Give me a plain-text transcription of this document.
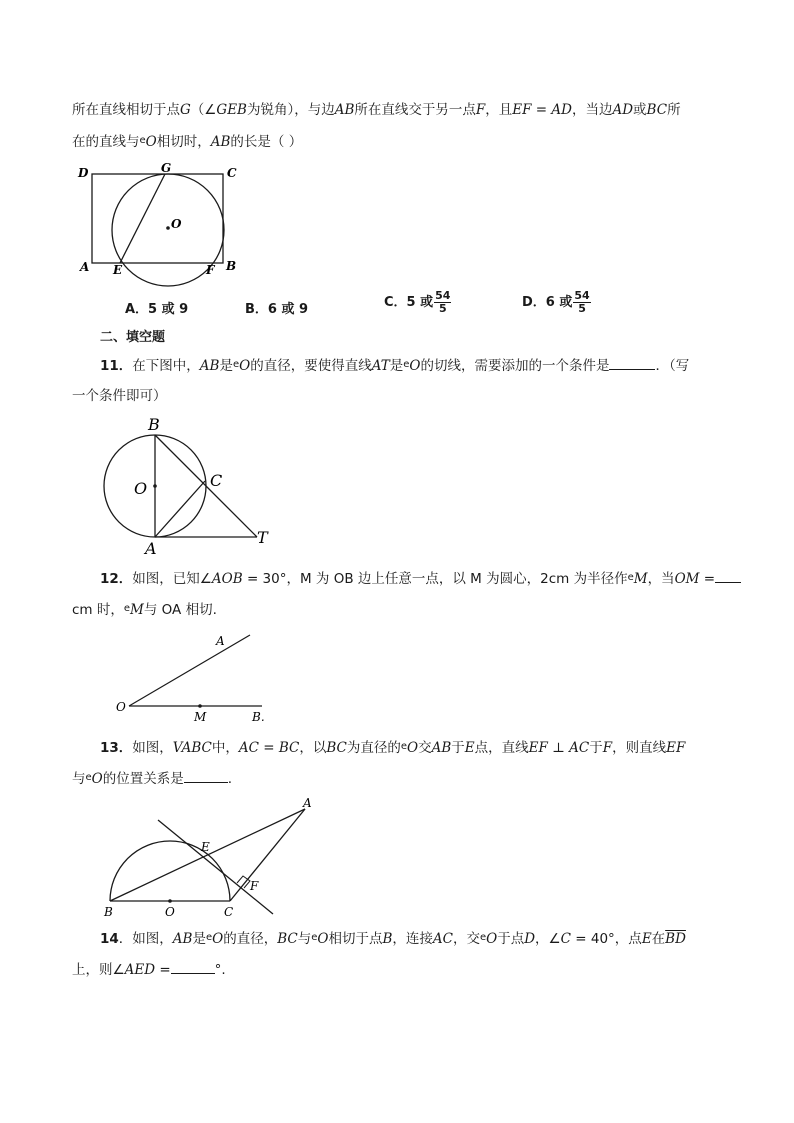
所在直线相切于点G（∠GEB为锐角），与边AB所在直线交于另一点F，且EF = AD，当边AD或BC所
在的直线与$^e$O相切时，AB的长是（ ）
D	G	C
O
A E	F B
A．5 或 9	B．6 或 9	C．5 或 $\frac{54}{5}$	D．6 或 $\frac{54}{5}$
二、填空题
11．在下图中，AB是$^e$O的直径，要使得直线AT是$^e$O的切线，需要添加的一个条件是	．（写
一个条件即可）
B
O	C
A
T
12．如图，已知∠AOB = 30°，M 为 OB 边上任意一点，以 M 为圆心，2cm 为半径作$^e$M，当OM =
cm 时，$^e$M与 OA 相切.
A
O
M	B.
13．如图，VABC中，AC = BC，以BC为直径的$^e$O交AB于E点，直线EF ⊥ AC于F，则直线EF
与$^e$O的位置关系是	.
A
E
F
B	O	C
14．如图，AB是$^e$O的直径，BC与$^e$O相切于点B，连接AC，交$^e$O于点D，∠C = 40°，点E在$\overline{BD}$
上，则∠AED =	°.
